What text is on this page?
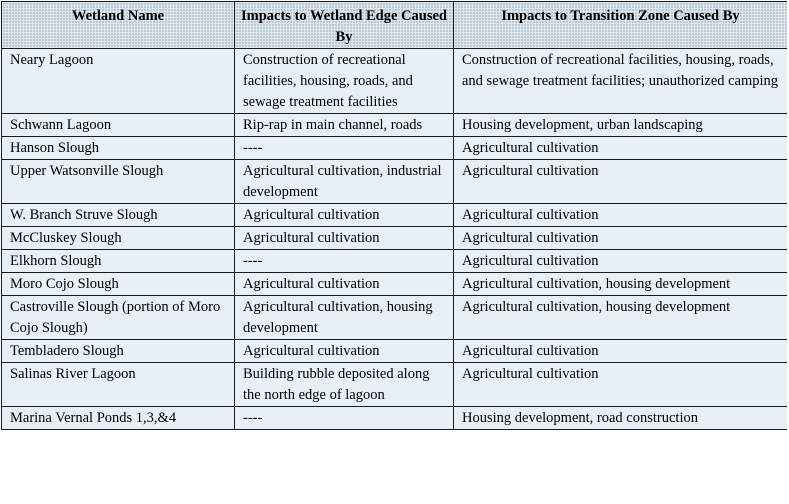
Wetland Name	Impacts to Wetland Edge Caused By	Impacts to Transition Zone Caused By
Neary Lagoon	Construction of recreational facilities, housing, roads, and sewage treatment facilities	Construction of recreational facilities, housing, roads, and sewage treatment facilities; unauthorized camping
Schwann Lagoon	Rip-rap in main channel, roads	Housing development, urban landscaping
Hanson Slough	----	Agricultural cultivation
Upper Watsonville Slough	Agricultural cultivation, industrial development	Agricultural cultivation
W. Branch Struve Slough	Agricultural cultivation	Agricultural cultivation
McCluskey Slough	Agricultural cultivation	Agricultural cultivation
Elkhorn Slough	----	Agricultural cultivation
Moro Cojo Slough	Agricultural cultivation	Agricultural cultivation, housing development
Castroville Slough (portion of Moro Cojo Slough)	Agricultural cultivation, housing development	Agricultural cultivation, housing development
Tembladero Slough	Agricultural cultivation	Agricultural cultivation
Salinas River Lagoon	Building rubble deposited along the north edge of lagoon	Agricultural cultivation
Marina Vernal Ponds 1,3,&4	----	Housing development, road construction
